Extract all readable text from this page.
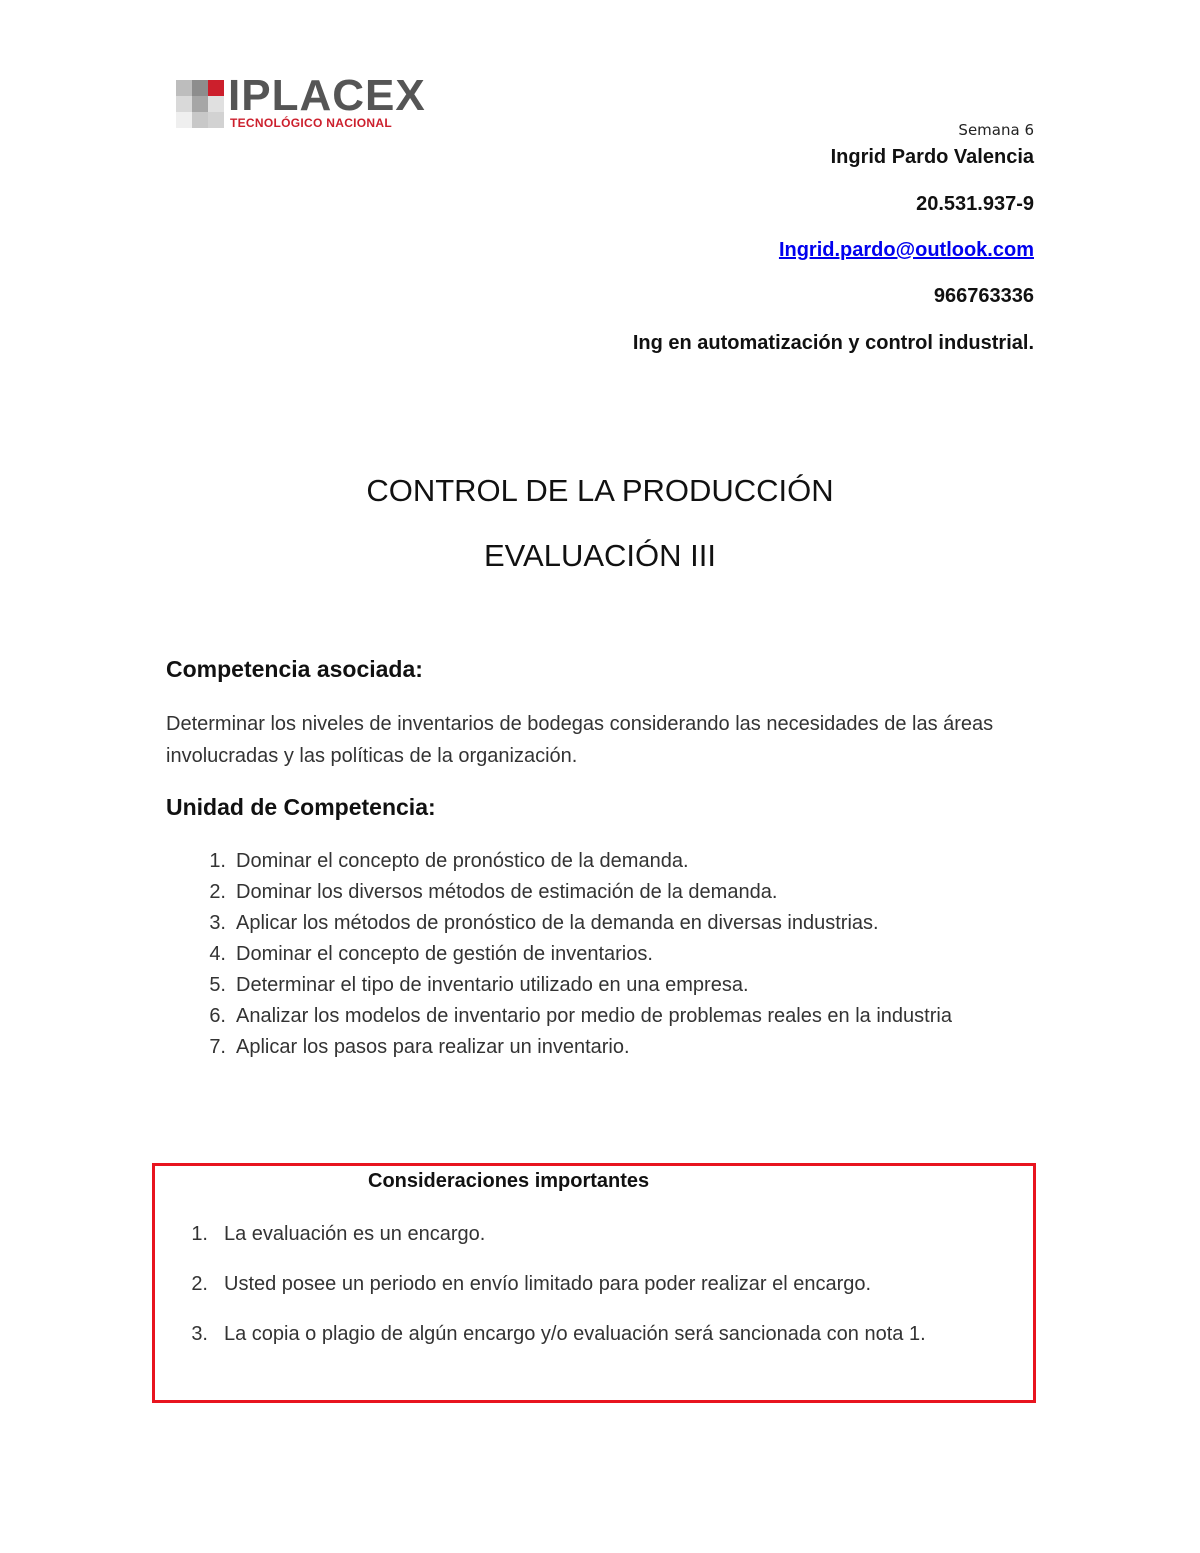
IPLACEX
TECNOLÓGICO NACIONAL	Semana 6
Ingrid Pardo Valencia
20.531.937-9
Ingrid.pardo@outlook.com
966763336
Ing en automatización y control industrial.
CONTROL DE LA PRODUCCIÓN
EVALUACIÓN III
Competencia asociada:
Determinar los niveles de inventarios de bodegas considerando las necesidades de las áreas involucradas y las políticas de la organización.
Unidad de Competencia:
1. Dominar el concepto de pronóstico de la demanda.
2. Dominar los diversos métodos de estimación de la demanda.
3. Aplicar los métodos de pronóstico de la demanda en diversas industrias.
4. Dominar el concepto de gestión de inventarios.
5. Determinar el tipo de inventario utilizado en una empresa.
6. Analizar los modelos de inventario por medio de problemas reales en la industria
7. Aplicar los pasos para realizar un inventario.
Consideraciones importantes
1. La evaluación es un encargo.
2. Usted posee un periodo en envío limitado para poder realizar el encargo.
3. La copia o plagio de algún encargo y/o evaluación será sancionada con nota 1.
